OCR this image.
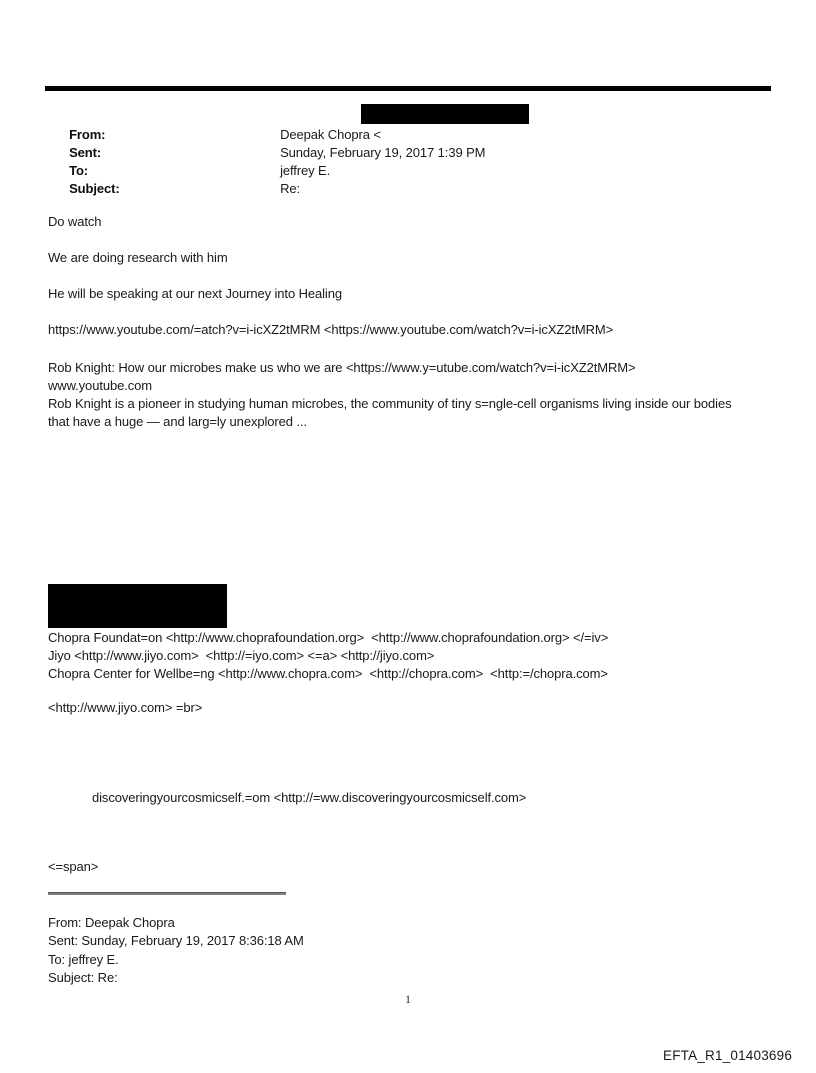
From:	Deepak Chopra <

Sent:	Sunday, February 19, 2017 1:39 PM

To:	jeffrey E.

Subject:	Re:

Do watch
We are doing research with him
He will be speaking at our next Journey into Healing
https://www.youtube.com/=atch?v=i-icXZ2tMRM <https://www.youtube.com/watch?v=i-icXZ2tMRM>
Rob Knight: How our microbes make us who we are <https://www.y=utube.com/watch?v=i-icXZ2tMRM>
www.youtube.com
Rob Knight is a pioneer in studying human microbes, the community of tiny s=ngle-cell organisms living inside our bodies
that have a huge — and larg=ly unexplored ...
Chopra Foundat=on <http://www.choprafoundation.org>  <http://www.choprafoundation.org> </=iv>
Jiyo <http://www.jiyo.com>  <http://=iyo.com> <=a> <http://jiyo.com>
Chopra Center for Wellbe=ng <http://www.chopra.com>  <http://chopra.com>  <http:=/chopra.com>
<http://www.jiyo.com> =br>
discoveringyourcosmicself.=om <http://=ww.discoveringyourcosmicself.com>
<=span>
From: Deepak Chopra
Sent: Sunday, February 19, 2017 8:36:18 AM
To: jeffrey E.
Subject: Re:
1
EFTA_R1_01403696
